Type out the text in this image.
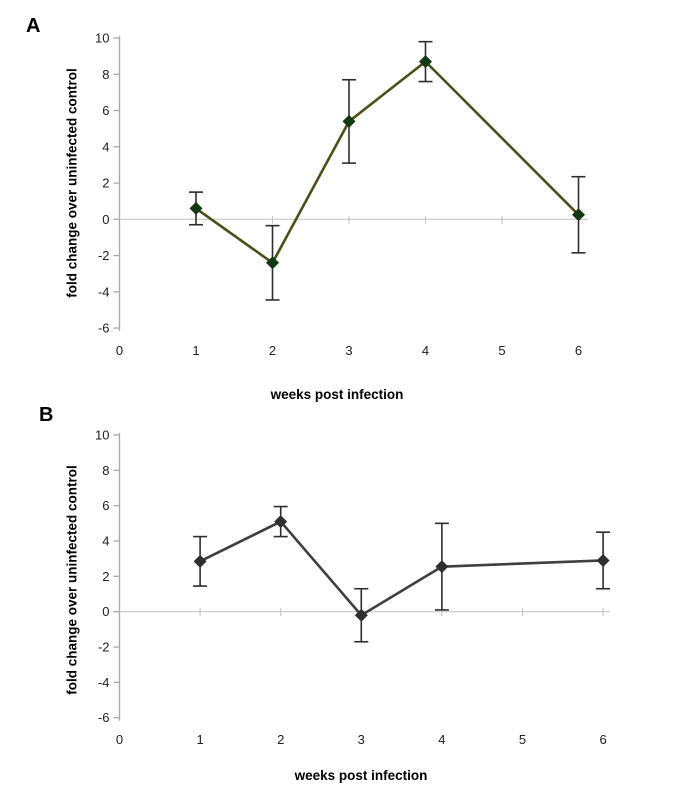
10
8
6
4
2
0
-2
-4
-6
0	1	2	3	4	5	6
A
fold change over uninfected control
weeks post infection
10
8
6
4
2
0
-2
-4
-6
0	1	2	3	4	5	6
B
fold change over uninfected control
weeks post infection
